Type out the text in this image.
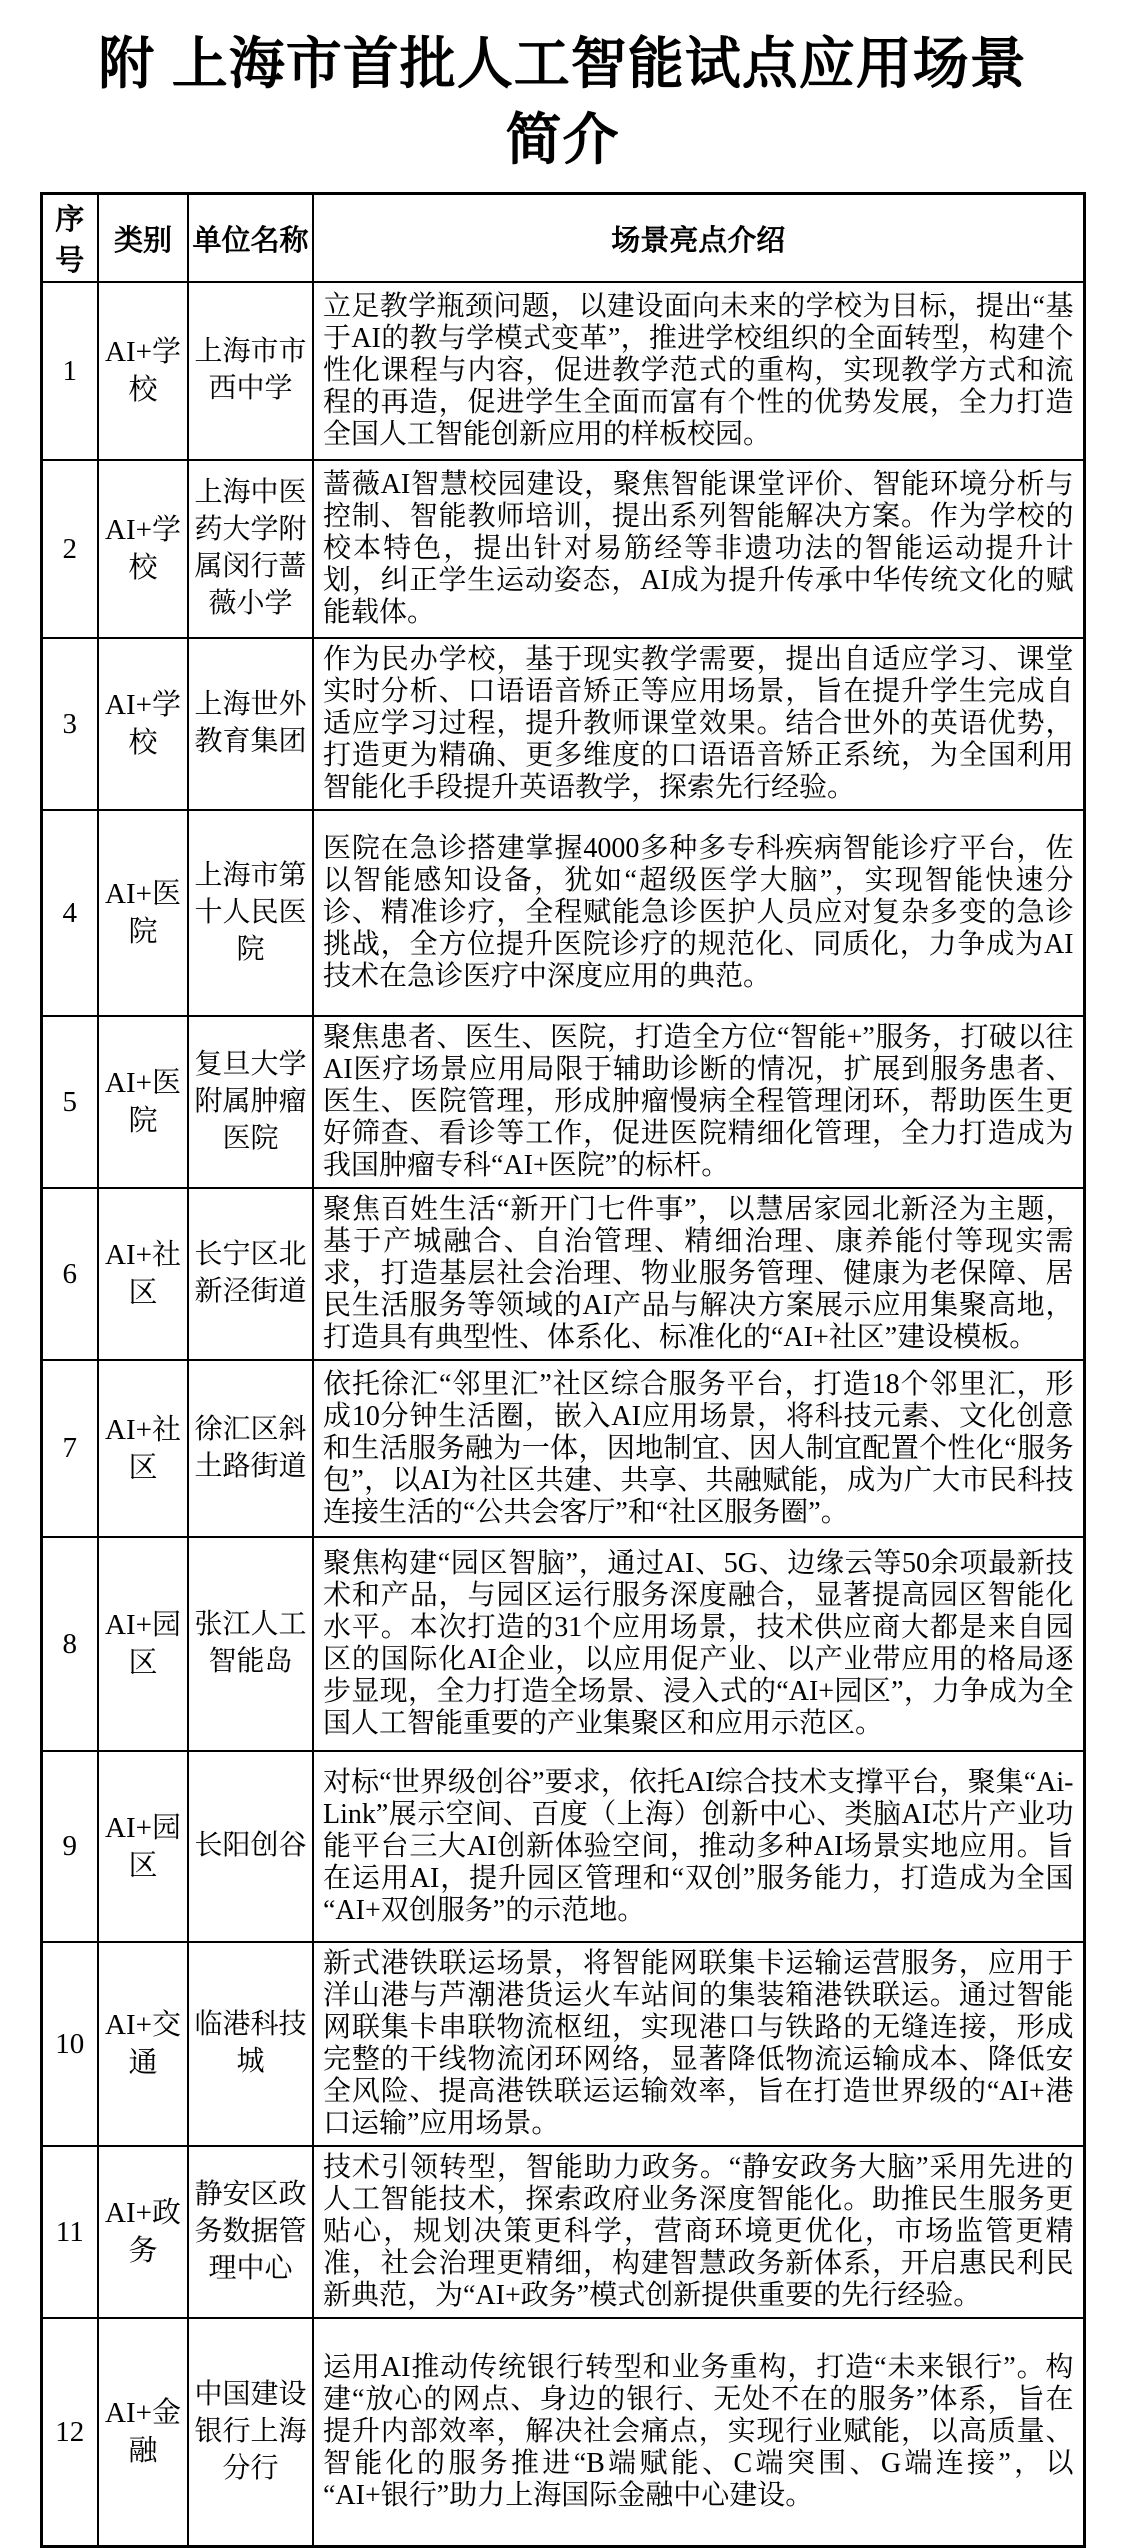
附 上海市首批人工智能试点应用场景
简介
序号	类别	单位名称	场景亮点介绍
1	AI+学校	上海市市西中学	立足教学瓶颈问题，以建设面向未来的学校为目标，提出“基于AI的教与学模式变革”，推进学校组织的全面转型，构建个性化课程与内容，促进教学范式的重构，实现教学方式和流程的再造，促进学生全面而富有个性的优势发展，全力打造全国人工智能创新应用的样板校园。
2	AI+学校	上海中医药大学附属闵行蔷薇小学	蔷薇AI智慧校园建设，聚焦智能课堂评价、智能环境分析与控制、智能教师培训，提出系列智能解决方案。作为学校的校本特色，提出针对易筋经等非遗功法的智能运动提升计划，纠正学生运动姿态，AI成为提升传承中华传统文化的赋能载体。
3	AI+学校	上海世外教育集团	作为民办学校，基于现实教学需要，提出自适应学习、课堂实时分析、口语语音矫正等应用场景，旨在提升学生完成自适应学习过程，提升教师课堂效果。结合世外的英语优势，打造更为精确、更多维度的口语语音矫正系统，为全国利用智能化手段提升英语教学，探索先行经验。
4	AI+医院	上海市第十人民医院	医院在急诊搭建掌握4000多种多专科疾病智能诊疗平台，佐以智能感知设备，犹如“超级医学大脑”，实现智能快速分诊、精准诊疗，全程赋能急诊医护人员应对复杂多变的急诊挑战，全方位提升医院诊疗的规范化、同质化，力争成为AI技术在急诊医疗中深度应用的典范。
5	AI+医院	复旦大学附属肿瘤医院	聚焦患者、医生、医院，打造全方位“智能+”服务，打破以往AI医疗场景应用局限于辅助诊断的情况，扩展到服务患者、医生、医院管理，形成肿瘤慢病全程管理闭环，帮助医生更好筛查、看诊等工作，促进医院精细化管理，全力打造成为我国肿瘤专科“AI+医院”的标杆。
6	AI+社区	长宁区北新泾街道	聚焦百姓生活“新开门七件事”，以慧居家园北新泾为主题，基于产城融合、自治管理、精细治理、康养能付等现实需求，打造基层社会治理、物业服务管理、健康为老保障、居民生活服务等领域的AI产品与解决方案展示应用集聚高地，打造具有典型性、体系化、标准化的“AI+社区”建设模板。
7	AI+社区	徐汇区斜土路街道	依托徐汇“邻里汇”社区综合服务平台，打造18个邻里汇，形成10分钟生活圈，嵌入AI应用场景，将科技元素、文化创意和生活服务融为一体，因地制宜、因人制宜配置个性化“服务包”，以AI为社区共建、共享、共融赋能，成为广大市民科技连接生活的“公共会客厅”和“社区服务圈”。
8	AI+园区	张江人工智能岛	聚焦构建“园区智脑”，通过AI、5G、边缘云等50余项最新技术和产品，与园区运行服务深度融合，显著提高园区智能化水平。本次打造的31个应用场景，技术供应商大都是来自园区的国际化AI企业，以应用促产业、以产业带应用的格局逐步显现，全力打造全场景、浸入式的“AI+园区”，力争成为全国人工智能重要的产业集聚区和应用示范区。
9	AI+园区	长阳创谷	对标“世界级创谷”要求，依托AI综合技术支撑平台，聚集“Ai-Link”展示空间、百度（上海）创新中心、类脑AI芯片产业功能平台三大AI创新体验空间，推动多种AI场景实地应用。旨在运用AI，提升园区管理和“双创”服务能力，打造成为全国“AI+双创服务”的示范地。
10	AI+交通	临港科技城	新式港铁联运场景，将智能网联集卡运输运营服务，应用于洋山港与芦潮港货运火车站间的集装箱港铁联运。通过智能网联集卡串联物流枢纽，实现港口与铁路的无缝连接，形成完整的干线物流闭环网络，显著降低物流运输成本、降低安全风险、提高港铁联运运输效率，旨在打造世界级的“AI+港口运输”应用场景。
11	AI+政务	静安区政务数据管理中心	技术引领转型，智能助力政务。“静安政务大脑”采用先进的人工智能技术，探索政府业务深度智能化。助推民生服务更贴心，规划决策更科学，营商环境更优化，市场监管更精准，社会治理更精细，构建智慧政务新体系，开启惠民利民新典范，为“AI+政务”模式创新提供重要的先行经验。
12	AI+金融	中国建设银行上海分行	运用AI推动传统银行转型和业务重构，打造“未来银行”。构建“放心的网点、身边的银行、无处不在的服务”体系，旨在提升内部效率，解决社会痛点，实现行业赋能，以高质量、智能化的服务推进“B端赋能、C端突围、G端连接”，以“AI+银行”助力上海国际金融中心建设。
